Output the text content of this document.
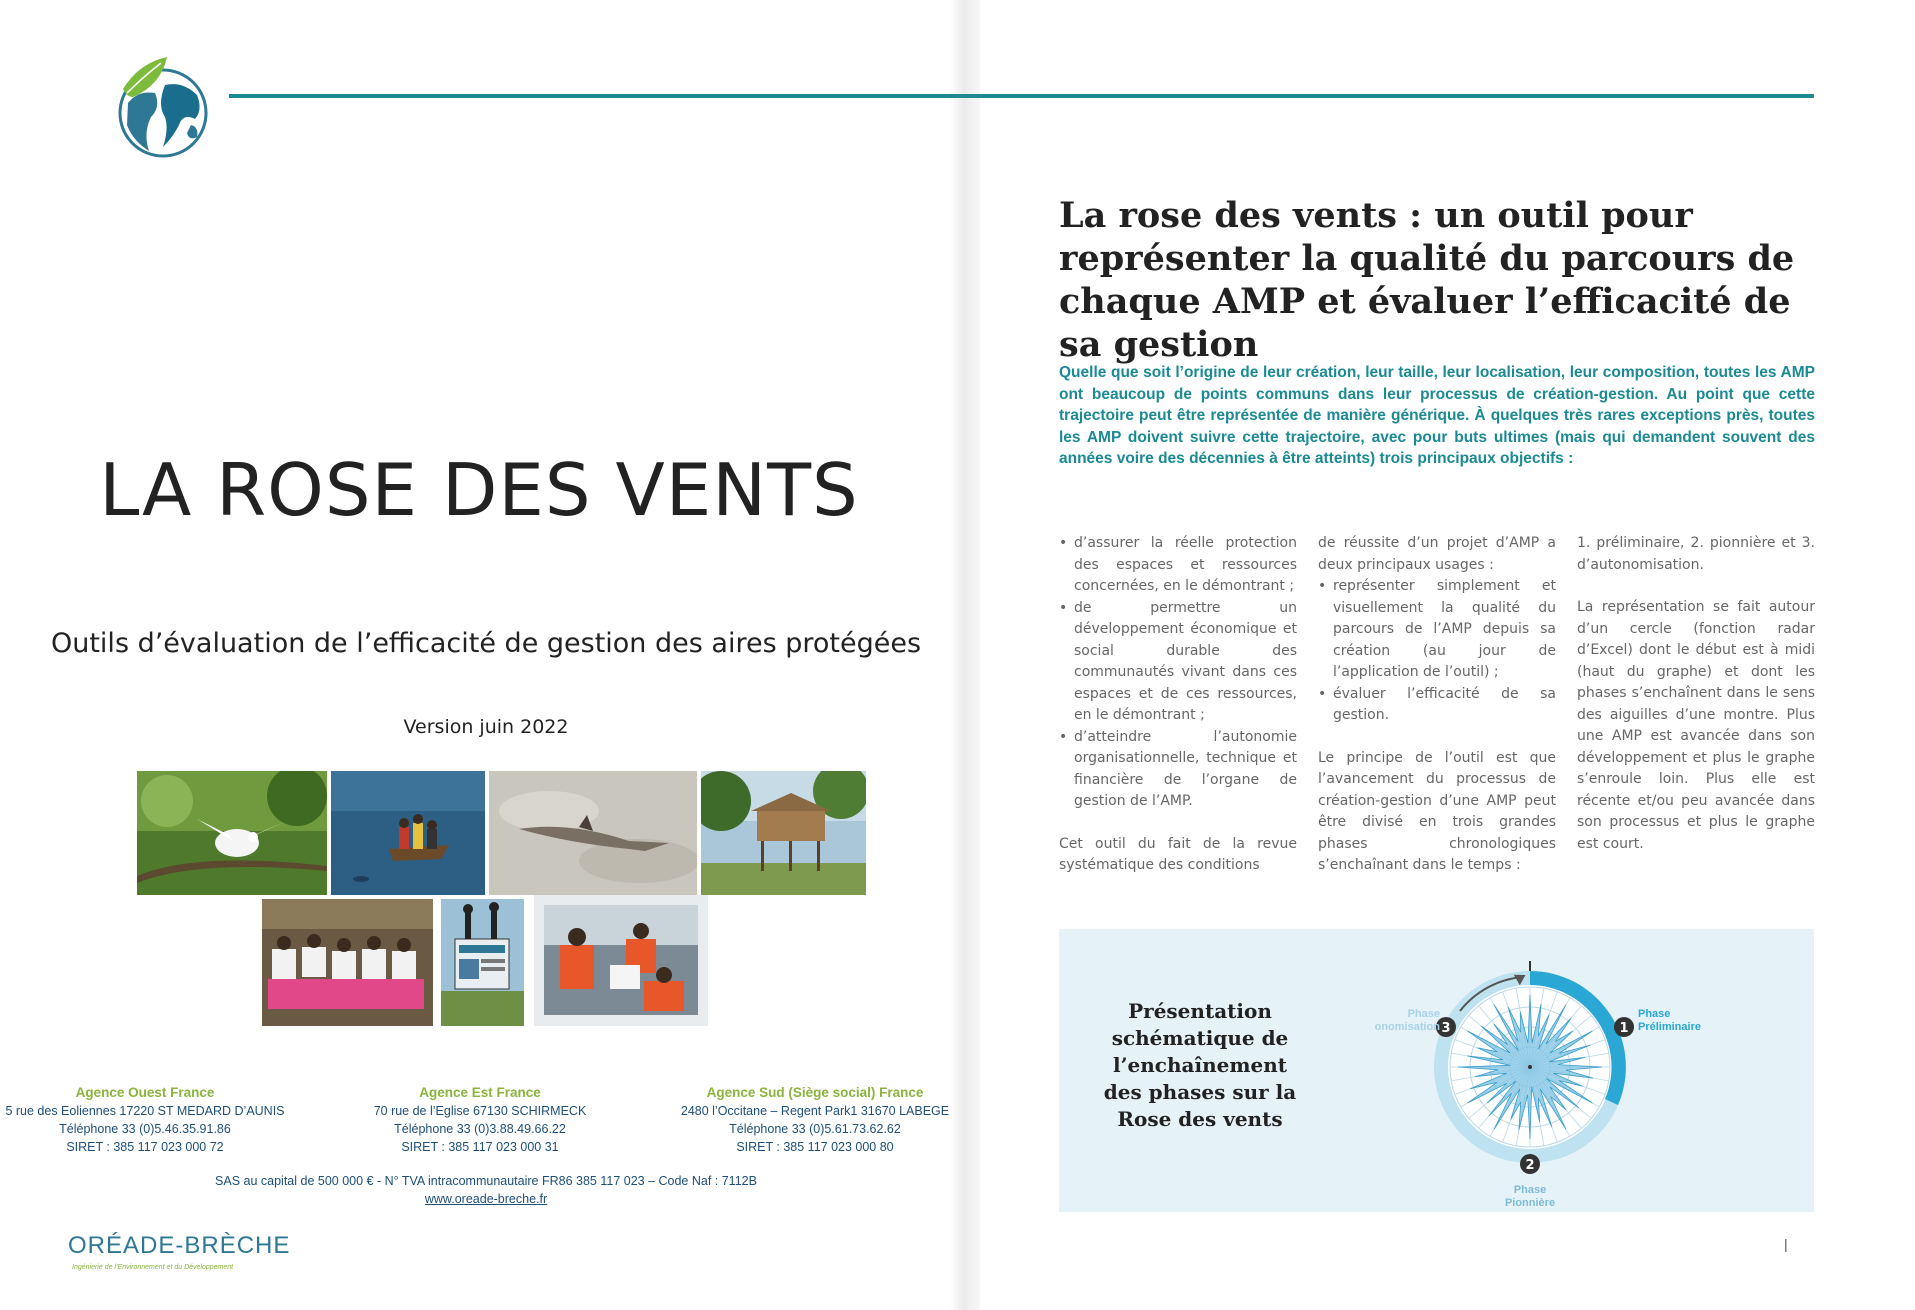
LA ROSE DES VENTS
Outils d’évaluation de l’efficacité de gestion des aires protégées
Version juin 2022
Agence Ouest France
5 rue des Eoliennes 17220 ST MEDARD D’AUNIS
Téléphone 33 (0)5.46.35.91.86
SIRET : 385 117 023 000 72
Agence Est France
70 rue de l’Eglise 67130 SCHIRMECK
Téléphone 33 (0)3.88.49.66.22
SIRET : 385 117 023 000 31
Agence Sud (Siège social) France
2480 l’Occitane – Regent Park1 31670 LABEGE
Téléphone 33 (0)5.61.73.62.62
SIRET : 385 117 023 000 80
SAS au capital de 500 000 € - N° TVA intracommunautaire FR86 385 117 023 – Code Naf : 7112B
www.oreade-breche.fr
ORÉADE-BRÈCHE
Ingénierie de l’Environnement et du Développement
La rose des vents : un outil pour représenter la qualité du parcours de chaque AMP et évaluer l’efficacité de sa gestion

Quelle que soit l’origine de leur création, leur taille, leur localisation, leur composition, toutes les AMP ont beaucoup de points communs dans leur processus de création-gestion. Au point que cette trajectoire peut être représentée de manière générique. À quelques très rares exceptions près, toutes les AMP doivent suivre cette trajectoire, avec pour buts ultimes (mais qui demandent souvent des années voire des décennies à être atteints) trois principaux objectifs :

• d’assurer la réelle protection des espaces et ressources concernées, en le démontrant ;
• de permettre un développement économique et social durable des communautés vivant dans ces espaces et de ces ressources, en le démontrant ;
• d’atteindre l’autonomie organisationnelle, technique et financière de l’organe de gestion de l’AMP.

Cet outil du fait de la revue systématique des conditions

de réussite d’un projet d’AMP a deux principaux usages :

• représenter simplement et visuellement la qualité du parcours de l’AMP depuis sa création (au jour de l’application de l’outil) ;
• évaluer l’efficacité de sa gestion.

Le principe de l’outil est que l’avancement du processus de création-gestion d’une AMP peut être divisé en trois grandes phases chronologiques s’enchaînant dans le temps :

1. préliminaire, 2. pionnière et 3. d’autonomisation.

La représentation se fait autour d’un cercle (fonction radar d’Excel) dont le début est à midi (haut du graphe) et dont les phases s’enchaînent dans le sens des aiguilles d’une montre. Plus une AMP est avancée dans son développement et plus le graphe s’enroule loin. Plus elle est récente et/ou peu avancée dans son processus et plus le graphe est court.

Présentation schématique de l’enchaînement des phases sur la Rose des vents
1
2
3
Phase
Préliminaire
Phase
Pionnière
Phase
onomisation
|
